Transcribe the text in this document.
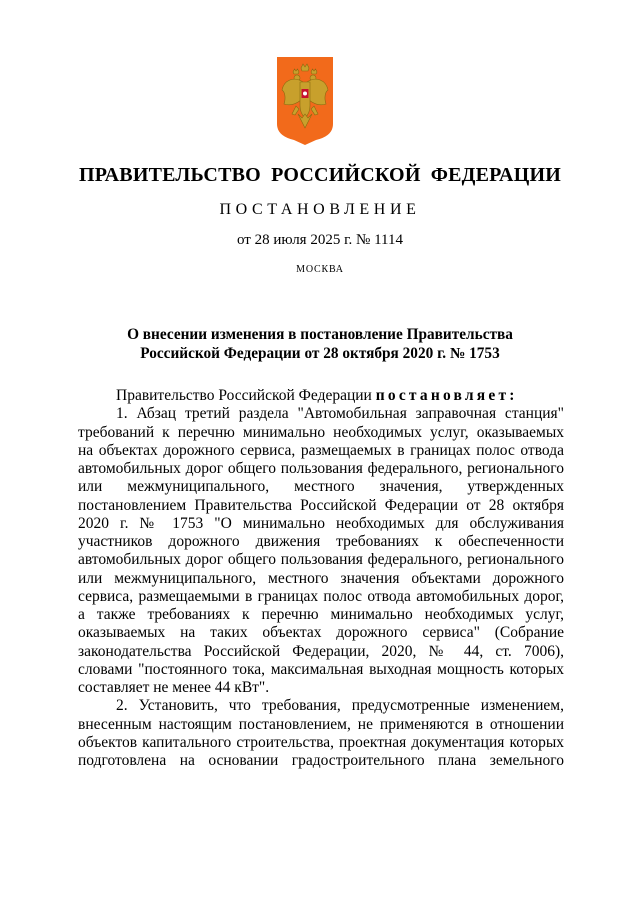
ПРАВИТЕЛЬСТВО РОССИЙСКОЙ ФЕДЕРАЦИИ
ПОСТАНОВЛЕНИЕ
от 28 июля 2025 г. № 1114
МОСКВА
О внесении изменения в постановление Правительства
Российской Федерации от 28 октября 2020 г. № 1753
Правительство Российской Федерации постановляет:
1. Абзац третий раздела "Автомобильная заправочная станция"
требований к перечню минимально необходимых услуг, оказываемых
на объектах дорожного сервиса, размещаемых в границах полос отвода
автомобильных дорог общего пользования федерального, регионального
или межмуниципального, местного значения, утвержденных
постановлением Правительства Российской Федерации от 28 октября
2020 г. № 1753 "О минимально необходимых для обслуживания
участников дорожного движения требованиях к обеспеченности
автомобильных дорог общего пользования федерального, регионального
или межмуниципального, местного значения объектами дорожного
сервиса, размещаемыми в границах полос отвода автомобильных дорог,
а также требованиях к перечню минимально необходимых услуг,
оказываемых на таких объектах дорожного сервиса" (Собрание
законодательства Российской Федерации, 2020, № 44, ст. 7006),
словами "постоянного тока, максимальная выходная мощность которых
составляет не менее 44 кВт".
2. Установить, что требования, предусмотренные изменением,
внесенным настоящим постановлением, не применяются в отношении
объектов капитального строительства, проектная документация которых
подготовлена на основании градостроительного плана земельного
